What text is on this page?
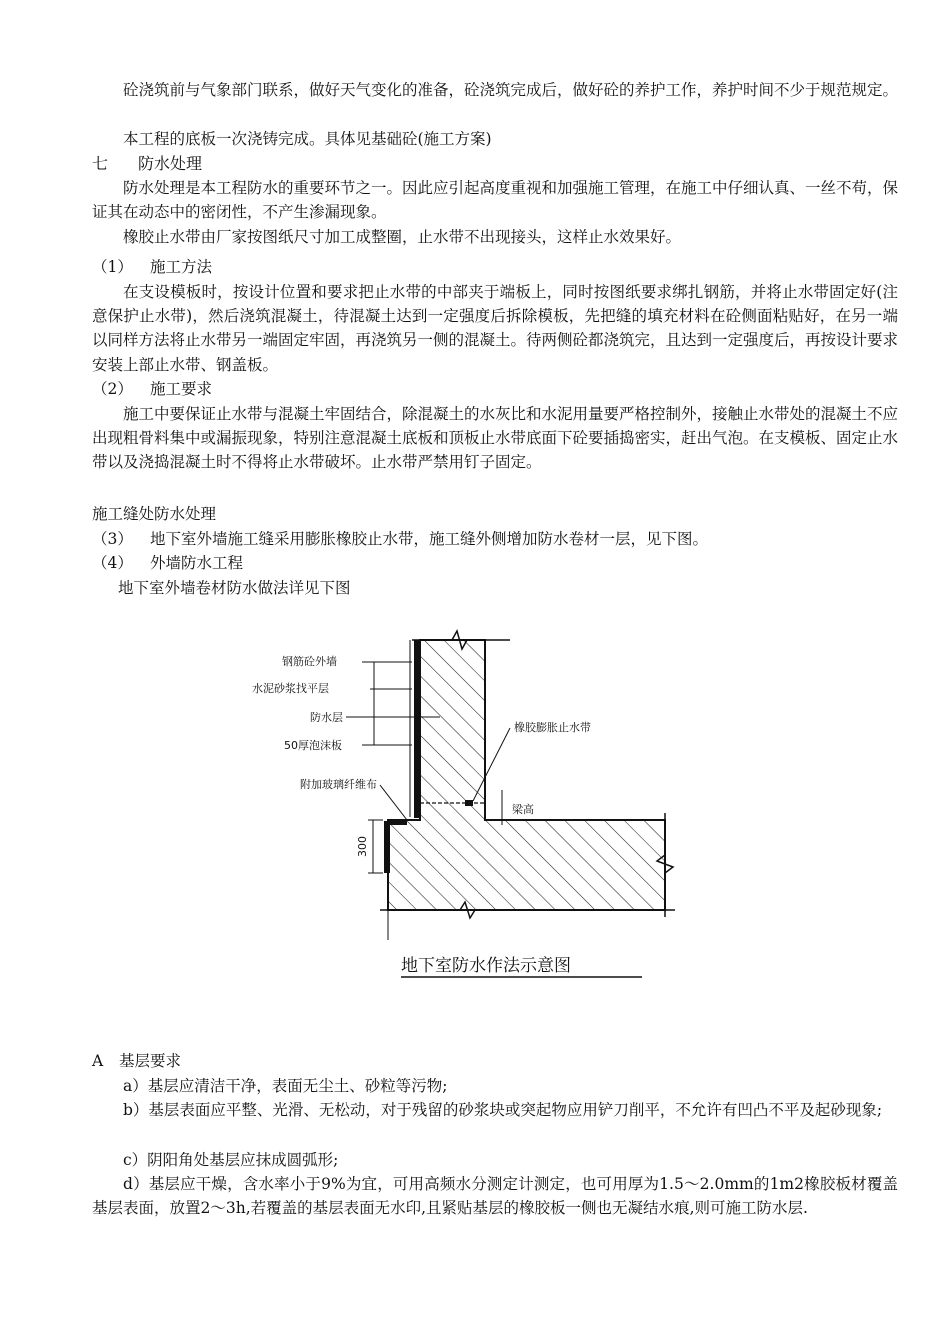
砼浇筑前与气象部门联系，做好天气变化的准备，砼浇筑完成后，做好砼的养护工作，养护时间不少于规范规定。

本工程的底板一次浇铸完成。具体见基础砼(施工方案)

七 防水处理

防水处理是本工程防水的重要环节之一。因此应引起高度重视和加强施工管理，在施工中仔细认真、一丝不苟，保证其在动态中的密闭性，不产生渗漏现象。

橡胶止水带由厂家按图纸尺寸加工成整圈，止水带不出现接头，这样止水效果好。

（1） 施工方法

在支设模板时，按设计位置和要求把止水带的中部夹于端板上，同时按图纸要求绑扎钢筋，并将止水带固定好(注意保护止水带)，然后浇筑混凝土，待混凝土达到一定强度后拆除模板，先把缝的填充材料在砼侧面粘贴好，在另一端以同样方法将止水带另一端固定牢固，再浇筑另一侧的混凝土。待两侧砼都浇筑完，且达到一定强度后，再按设计要求安装上部止水带、钢盖板。

（2） 施工要求

施工中要保证止水带与混凝土牢固结合，除混凝土的水灰比和水泥用量要严格控制外，接触止水带处的混凝土不应出现粗骨料集中或漏振现象，特别注意混凝土底板和顶板止水带底面下砼要插捣密实，赶出气泡。在支模板、固定止水带以及浇捣混凝土时不得将止水带破坏。止水带严禁用钉子固定。

施工缝处防水处理

（3） 地下室外墙施工缝采用膨胀橡胶止水带，施工缝外侧增加防水卷材一层，见下图。
（4） 外墙防水工程

地下室外墙卷材防水做法详见下图

钢筋砼外墙
水泥砂浆找平层
防水层
50厚泡沫板
附加玻璃纤维布
橡胶膨胀止水带
梁高
300
地下室防水作法示意图
A 基层要求

a）基层应清洁干净，表面无尘土、砂粒等污物;

b）基层表面应平整、光滑、无松动，对于残留的砂浆块或突起物应用铲刀削平，不允许有凹凸不平及起砂现象;

c）阴阳角处基层应抹成圆弧形;

d）基层应干燥，含水率小于9%为宜，可用高频水分测定计测定，也可用厚为1.5～2.0mm的1m2橡胶板材覆盖基层表面，放置2～3h,若覆盖的基层表面无水印,且紧贴基层的橡胶板一侧也无凝结水痕,则可施工防水层.
